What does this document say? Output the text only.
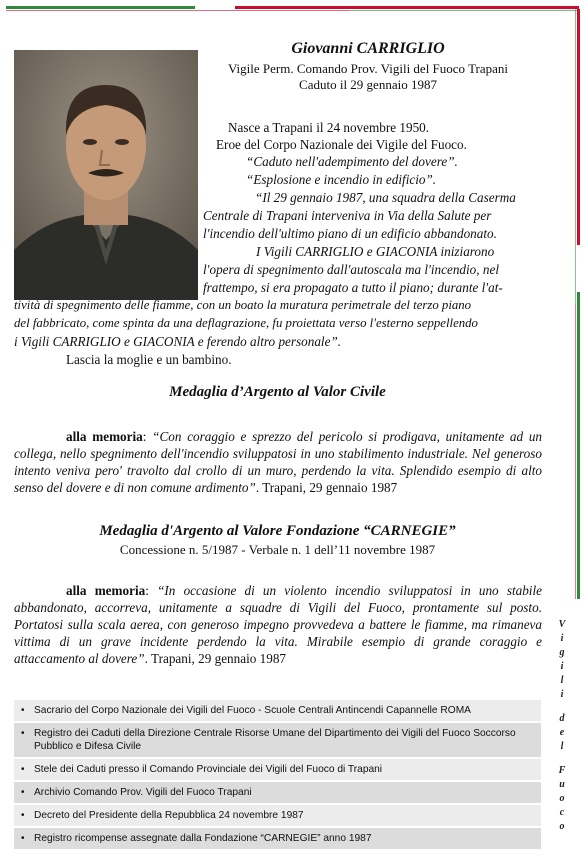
Giovanni CARRIGLIO
Vigile Perm. Comando Prov. Vigili del Fuoco Trapani
Caduto il 29 gennaio 1987
Nasce a Trapani il 24 novembre 1950.
Eroe del Corpo Nazionale dei Vigile del Fuoco.
“Caduto nell'adempimento del dovere”.
“Esplosione e incendio in edificio”.
“Il 29 gennaio 1987, una squadra della Caserma
Centrale di Trapani interveniva in Via della Salute per
l'incendio dell'ultimo piano di un edificio abbandonato.
I Vigili CARRIGLIO e GIACONIA iniziarono
l'opera di spegnimento dall'autoscala ma l'incendio, nel
frattempo, si era propagato a tutto il piano; durante l'at-
tività di spegnimento delle fiamme, con un boato la muratura perimetrale del terzo piano
del fabbricato, come spinta da una deflagrazione, fu proiettata verso l'esterno seppellendo
i Vigili CARRIGLIO e GIACONIA e ferendo altro personale”.
Lascia la moglie e un bambino.
Medaglia d’Argento al Valor Civile
alla memoria: “Con coraggio e sprezzo del pericolo si prodigava, unitamente ad un collega, nello spegnimento dell'incendio sviluppatosi in uno stabilimento industriale. Nel generoso intento veniva pero' travolto dal crollo di un muro, perdendo la vita. Splendido esempio di alto senso del dovere e di non comune ardimento”. Trapani, 29 gennaio 1987
Medaglia d'Argento al Valore Fondazione “CARNEGIE”
Concessione n. 5/1987 - Verbale n. 1 dell’11 novembre 1987
alla memoria: “In occasione di un violento incendio sviluppatosi in uno stabile abbandonato, accorreva, unitamente a squadre di Vigili del Fuoco, prontamente sul posto. Portatosi sulla scala aerea, con generoso impegno provvedeva a battere le fiamme, ma rimaneva vittima di un grave incidente perdendo la vita. Mirabile esempio di grande coraggio e attaccamento al dovere”. Trapani, 29 gennaio 1987
V
i
g
i
l
i

d
e
l

F
u
o
c
o
• Sacrario del Corpo Nazionale dei Vigili del Fuoco - Scuole Centrali Antincendi Capannelle ROMA
• Registro dei Caduti della Direzione Centrale Risorse Umane del Dipartimento dei Vigili del Fuoco Soccorso Pubblico e Difesa Civile
• Stele dei Caduti presso il Comando Provinciale dei Vigili del Fuoco di Trapani
• Archivio Comando Prov. Vigili del Fuoco Trapani
• Decreto del Presidente della Repubblica 24 novembre 1987
• Registro ricompense assegnate dalla Fondazione “CARNEGIE” anno 1987
